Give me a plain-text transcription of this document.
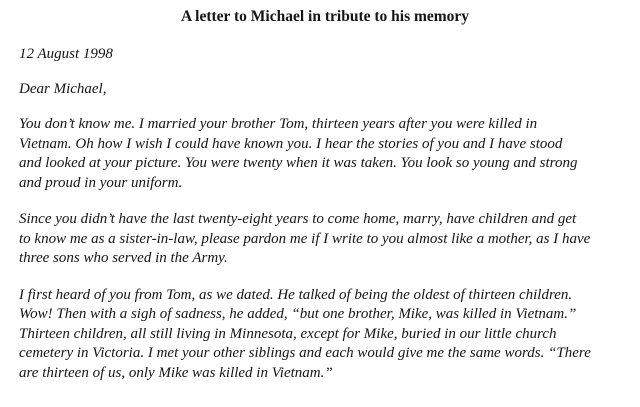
A letter to Michael in tribute to his memory
12 August 1998
Dear Michael,
You don’t know me. I married your brother Tom, thirteen years after you were killed in
Vietnam. Oh how I wish I could have known you. I hear the stories of you and I have stood
and looked at your picture. You were twenty when it was taken. You look so young and strong
and proud in your uniform.
Since you didn’t have the last twenty-eight years to come home, marry, have children and get
to know me as a sister-in-law, please pardon me if I write to you almost like a mother, as I have
three sons who served in the Army.
I first heard of you from Tom, as we dated. He talked of being the oldest of thirteen children.
Wow! Then with a sigh of sadness, he added, “but one brother, Mike, was killed in Vietnam.”
Thirteen children, all still living in Minnesota, except for Mike, buried in our little church
cemetery in Victoria. I met your other siblings and each would give me the same words. “There
are thirteen of us, only Mike was killed in Vietnam.”
